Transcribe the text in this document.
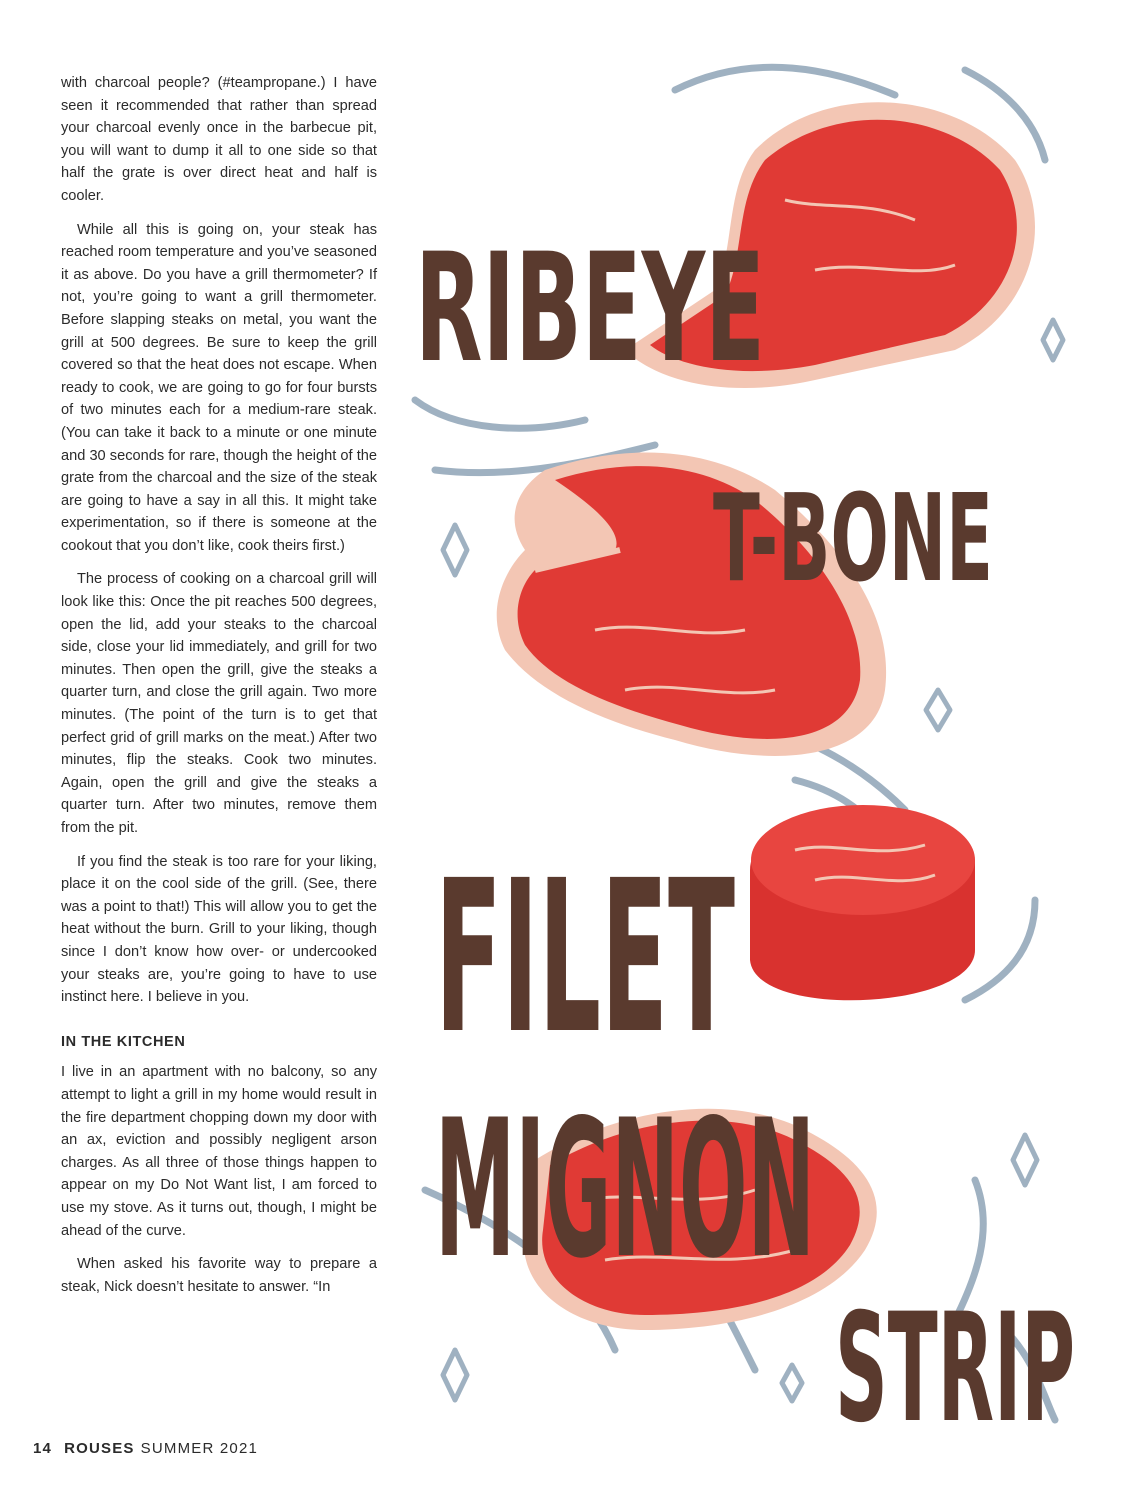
with charcoal people? (#teampropane.) I have seen it recommended that rather than spread your charcoal evenly once in the barbecue pit, you will want to dump it all to one side so that half the grate is over direct heat and half is cooler.

While all this is going on, your steak has reached room temperature and you’ve seasoned it as above. Do you have a grill thermometer? If not, you’re going to want a grill thermometer. Before slapping steaks on metal, you want the grill at 500 degrees. Be sure to keep the grill covered so that the heat does not escape. When ready to cook, we are going to go for four bursts of two minutes each for a medium-rare steak. (You can take it back to a minute or one minute and 30 seconds for rare, though the height of the grate from the charcoal and the size of the steak are going to have a say in all this. It might take experimentation, so if there is someone at the cookout that you don’t like, cook theirs first.)

The process of cooking on a charcoal grill will look like this: Once the pit reaches 500 degrees, open the lid, add your steaks to the charcoal side, close your lid immediately, and grill for two minutes. Then open the grill, give the steaks a quarter turn, and close the grill again. Two more minutes. (The point of the turn is to get that perfect grid of grill marks on the meat.) After two minutes, flip the steaks. Cook two minutes. Again, open the grill and give the steaks a quarter turn. After two minutes, remove them from the pit.

If you find the steak is too rare for your liking, place it on the cool side of the grill. (See, there was a point to that!) This will allow you to get the heat without the burn. Grill to your liking, though since I don’t know how over- or undercooked your steaks are, you’re going to have to use instinct here. I believe in you.

IN THE KITCHEN

I live in an apartment with no balcony, so any attempt to light a grill in my home would result in the fire department chopping down my door with an ax, eviction and possibly negligent arson charges. As all three of those things happen to appear on my Do Not Want list, I am forced to use my stove. As it turns out, though, I might be ahead of the curve.

When asked his favorite way to prepare a steak, Nick doesn’t hesitate to answer. “In

RIBEYE
T-BONE
FILET
MIGNON
STRIP
14 ROUSES SUMMER 2021
